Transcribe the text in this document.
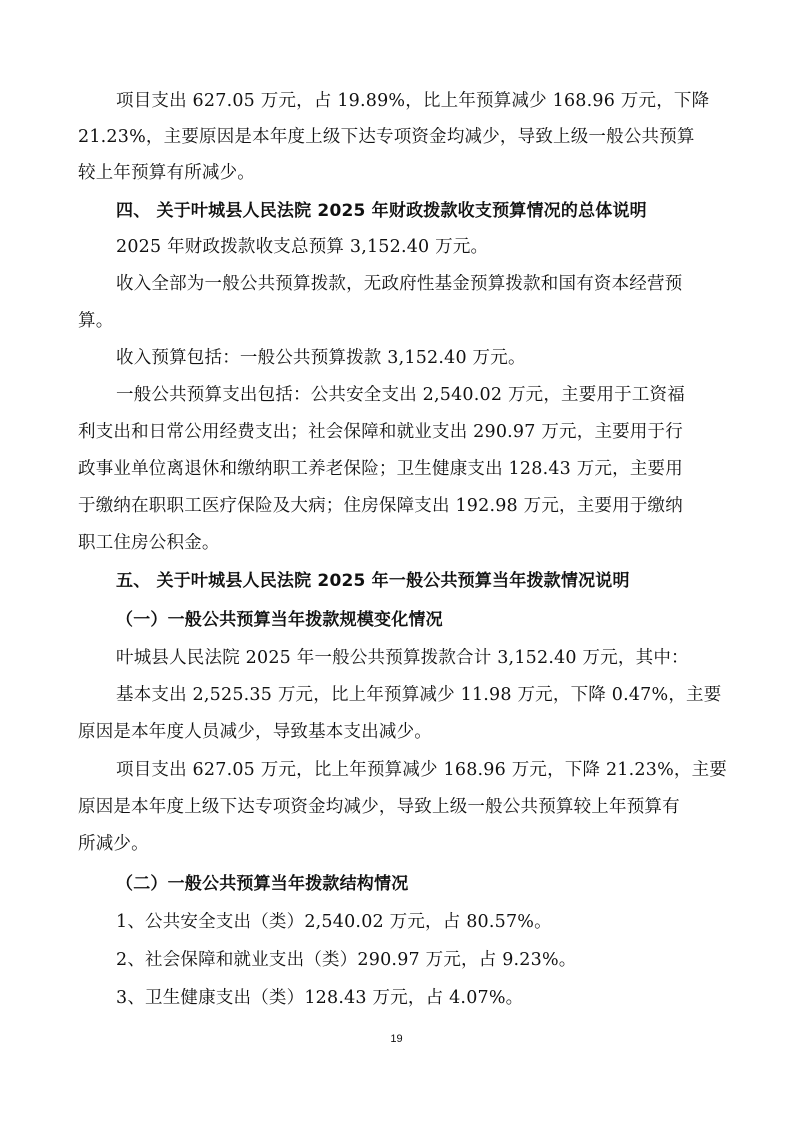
项目支出 627.05 万元，占 19.89%，比上年预算减少 168.96 万元，下降
21.23%，主要原因是本年度上级下达专项资金均减少，导致上级一般公共预算
较上年预算有所减少。
四、 关于叶城县人民法院 2025 年财政拨款收支预算情况的总体说明
2025 年财政拨款收支总预算 3,152.40 万元。
收入全部为一般公共预算拨款，无政府性基金预算拨款和国有资本经营预
算。
收入预算包括：一般公共预算拨款 3,152.40 万元。
一般公共预算支出包括：公共安全支出 2,540.02 万元，主要用于工资福
利支出和日常公用经费支出；社会保障和就业支出 290.97 万元，主要用于行
政事业单位离退休和缴纳职工养老保险；卫生健康支出 128.43 万元，主要用
于缴纳在职职工医疗保险及大病；住房保障支出 192.98 万元，主要用于缴纳
职工住房公积金。
五、 关于叶城县人民法院 2025 年一般公共预算当年拨款情况说明
（一）一般公共预算当年拨款规模变化情况
叶城县人民法院 2025 年一般公共预算拨款合计 3,152.40 万元，其中：
基本支出 2,525.35 万元，比上年预算减少 11.98 万元，下降 0.47%，主要
原因是本年度人员减少，导致基本支出减少。
项目支出 627.05 万元，比上年预算减少 168.96 万元，下降 21.23%，主要
原因是本年度上级下达专项资金均减少，导致上级一般公共预算较上年预算有
所减少。
（二）一般公共预算当年拨款结构情况
1、公共安全支出（类）2,540.02 万元，占 80.57%。
2、社会保障和就业支出（类）290.97 万元，占 9.23%。
3、卫生健康支出（类）128.43 万元，占 4.07%。
19
